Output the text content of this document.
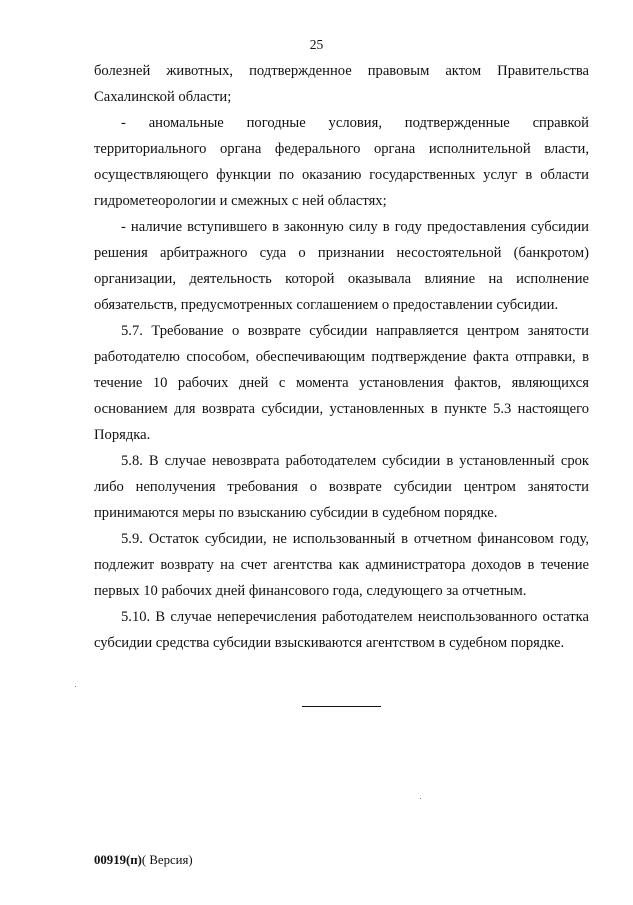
25
болезней животных, подтвержденное правовым актом Правительства
Сахалинской области;
- аномальные погодные условия, подтвержденные справкой
территориального органа федерального органа исполнительной власти,
осуществляющего функции по оказанию государственных услуг в области
гидрометеорологии и смежных с ней областях;
- наличие вступившего в законную силу в году предоставления субсидии
решения арбитражного суда о признании несостоятельной (банкротом)
организации, деятельность которой оказывала влияние на исполнение
обязательств, предусмотренных соглашением о предоставлении субсидии.
5.7. Требование о возврате субсидии направляется центром занятости
работодателю способом, обеспечивающим подтверждение факта отправки, в
течение 10 рабочих дней с момента установления фактов, являющихся
основанием для возврата субсидии, установленных в пункте 5.3 настоящего
Порядка.
5.8. В случае невозврата работодателем субсидии в установленный срок
либо неполучения требования о возврате субсидии центром занятости
принимаются меры по взысканию субсидии в судебном порядке.
5.9. Остаток субсидии, не использованный в отчетном финансовом году,
подлежит возврату на счет агентства как администратора доходов в течение
первых 10 рабочих дней финансового года, следующего за отчетным.
5.10. В случае неперечисления работодателем неиспользованного остатка
субсидии средства субсидии взыскиваются агентством в судебном порядке.
00919(п)( Версия)
